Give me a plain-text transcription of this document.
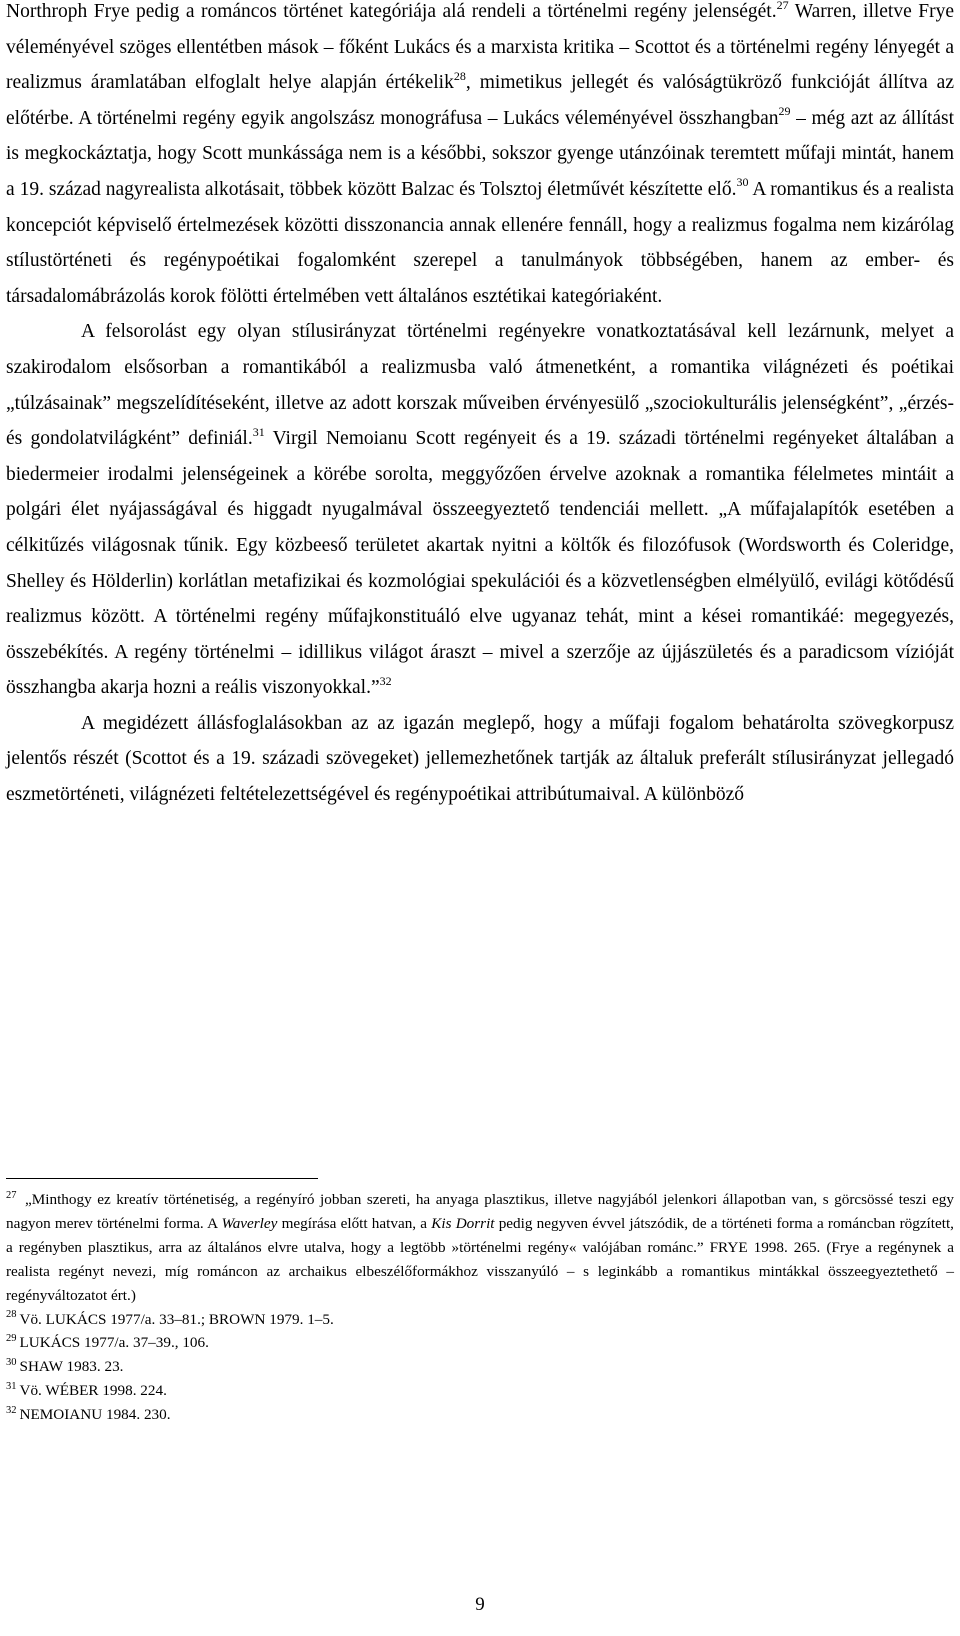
Northroph Frye pedig a románcos történet kategóriája alá rendeli a történelmi regény jelenségét.$^{27}$ Warren, illetve Frye véleményével szöges ellentétben mások – főként Lukács és a marxista kritika – Scottot és a történelmi regény lényegét a realizmus áramlatában elfoglalt helye alapján értékelik$^{28}$, mimetikus jellegét és valóságtükröző funkcióját állítva az előtérbe. A történelmi regény egyik angolszász monográfusa – Lukács véleményével összhangban$^{29}$ – még azt az állítást is megkockáztatja, hogy Scott munkássága nem is a későbbi, sokszor gyenge utánzóinak teremtett műfaji mintát, hanem a 19. század nagyrealista alkotásait, többek között Balzac és Tolsztoj életművét készítette elő.$^{30}$ A romantikus és a realista koncepciót képviselő értelmezések közötti disszonancia annak ellenére fennáll, hogy a realizmus fogalma nem kizárólag stílustörténeti és regénypoétikai fogalomként szerepel a tanulmányok többségében, hanem az ember- és társadalomábrázolás korok fölötti értelmében vett általános esztétikai kategóriaként.

A felsorolást egy olyan stílusirányzat történelmi regényekre vonatkoztatásával kell lezárnunk, melyet a szakirodalom elsősorban a romantikából a realizmusba való átmenetként, a romantika világnézeti és poétikai „túlzásainak” megszelídítéseként, illetve az adott korszak műveiben érvényesülő „szociokulturális jelenségként”, „érzés- és gondolatvilágként” definiál.$^{31}$ Virgil Nemoianu Scott regényeit és a 19. századi történelmi regényeket általában a biedermeier irodalmi jelenségeinek a körébe sorolta, meggyőzően érvelve azoknak a romantika félelmetes mintáit a polgári élet nyájasságával és higgadt nyugalmával összeegyeztető tendenciái mellett. „A műfajalapítók esetében a célkitűzés világosnak tűnik. Egy közbeeső területet akartak nyitni a költők és filozófusok (Wordsworth és Coleridge, Shelley és Hölderlin) korlátlan metafizikai és kozmológiai spekulációi és a közvetlenségben elmélyülő, evilági kötődésű realizmus között. A történelmi regény műfajkonstituáló elve ugyanaz tehát, mint a kései romantikáé: megegyezés, összebékítés. A regény történelmi – idillikus világot áraszt – mivel a szerzője az újjászületés és a paradicsom vízióját összhangba akarja hozni a reális viszonyokkal.”$^{32}$

A megidézett állásfoglalásokban az az igazán meglepő, hogy a műfaji fogalom behatárolta szövegkorpusz jelentős részét (Scottot és a 19. századi szövegeket) jellemezhetőnek tartják az általuk preferált stílusirányzat jellegadó eszmetörténeti, világnézeti feltételezettségével és regénypoétikai attribútumaival. A különböző

$^{27}$ „Minthogy ez kreatív történetiség, a regényíró jobban szereti, ha anyaga plasztikus, illetve nagyjából jelenkori állapotban van, s görcsössé teszi egy nagyon merev történelmi forma. A Waverley megírása előtt hatvan, a Kis Dorrit pedig negyven évvel játszódik, de a történeti forma a románcban rögzített, a regényben plasztikus, arra az általános elvre utalva, hogy a legtöbb »történelmi regény« valójában románc.” FRYE 1998. 265. (Frye a regénynek a realista regényt nevezi, míg románcon az archaikus elbeszélőformákhoz visszanyúló – s leginkább a romantikus mintákkal összeegyeztethető – regényváltozatot ért.)

$^{28}$ Vö. LUKÁCS 1977/a. 33–81.; BROWN 1979. 1–5.

$^{29}$ LUKÁCS 1977/a. 37–39., 106.

$^{30}$ SHAW 1983. 23.

$^{31}$ Vö. WÉBER 1998. 224.

$^{32}$ NEMOIANU 1984. 230.

9
